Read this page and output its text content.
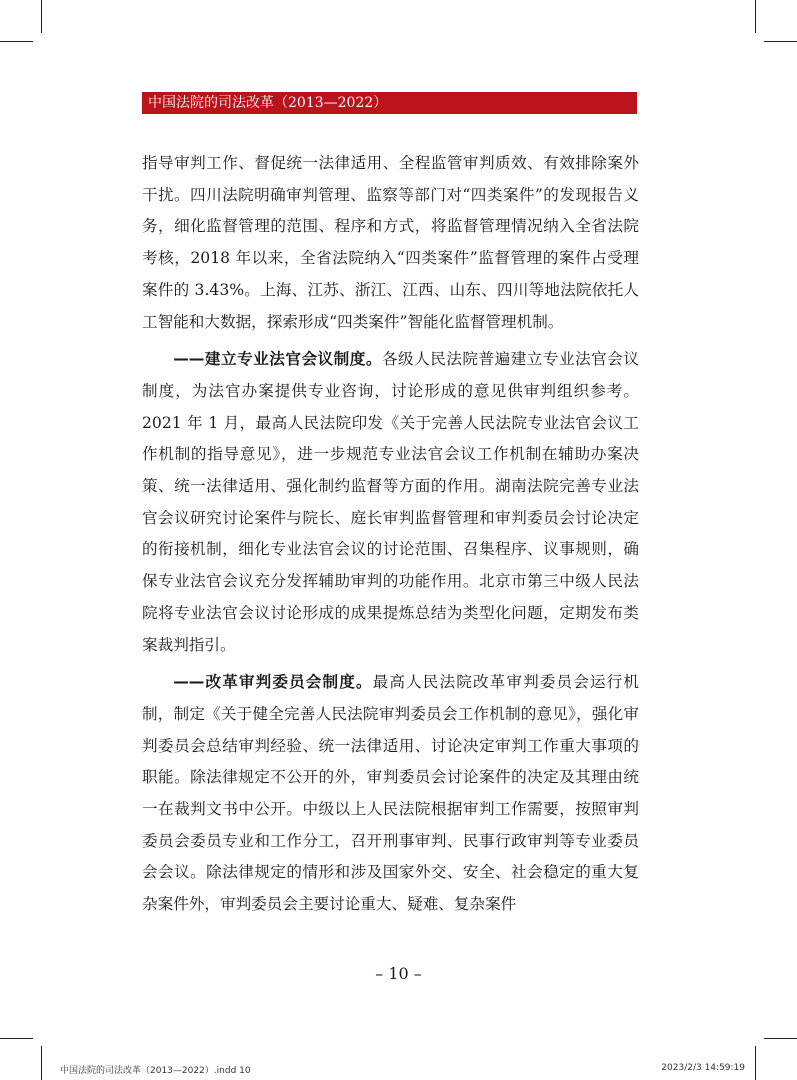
中国法院的司法改革（2013—2022）

指导审判工作、督促统一法律适用、全程监管审判质效、有效排除案外干扰。四川法院明确审判管理、监察等部门对“四类案件”的发现报告义务，细化监督管理的范围、程序和方式，将监督管理情况纳入全省法院考核，2018 年以来，全省法院纳入“四类案件”监督管理的案件占受理案件的 3.43%。上海、江苏、浙江、江西、山东、四川等地法院依托人工智能和大数据，探索形成“四类案件”智能化监督管理机制。

——建立专业法官会议制度。各级人民法院普遍建立专业法官会议制度，为法官办案提供专业咨询，讨论形成的意见供审判组织参考。2021 年 1 月，最高人民法院印发《关于完善人民法院专业法官会议工作机制的指导意见》，进一步规范专业法官会议工作机制在辅助办案决策、统一法律适用、强化制约监督等方面的作用。湖南法院完善专业法官会议研究讨论案件与院长、庭长审判监督管理和审判委员会讨论决定的衔接机制，细化专业法官会议的讨论范围、召集程序、议事规则，确保专业法官会议充分发挥辅助审判的功能作用。北京市第三中级人民法院将专业法官会议讨论形成的成果提炼总结为类型化问题，定期发布类案裁判指引。

——改革审判委员会制度。最高人民法院改革审判委员会运行机制，制定《关于健全完善人民法院审判委员会工作机制的意见》，强化审判委员会总结审判经验、统一法律适用、讨论决定审判工作重大事项的职能。除法律规定不公开的外，审判委员会讨论案件的决定及其理由统一在裁判文书中公开。中级以上人民法院根据审判工作需要，按照审判委员会委员专业和工作分工，召开刑事审判、民事行政审判等专业委员会会议。除法律规定的情形和涉及国家外交、安全、社会稳定的重大复杂案件外，审判委员会主要讨论重大、疑难、复杂案件

– 10 –
中国法院的司法改革（2013—2022）.indd 10	2023/2/3 14:59:19
